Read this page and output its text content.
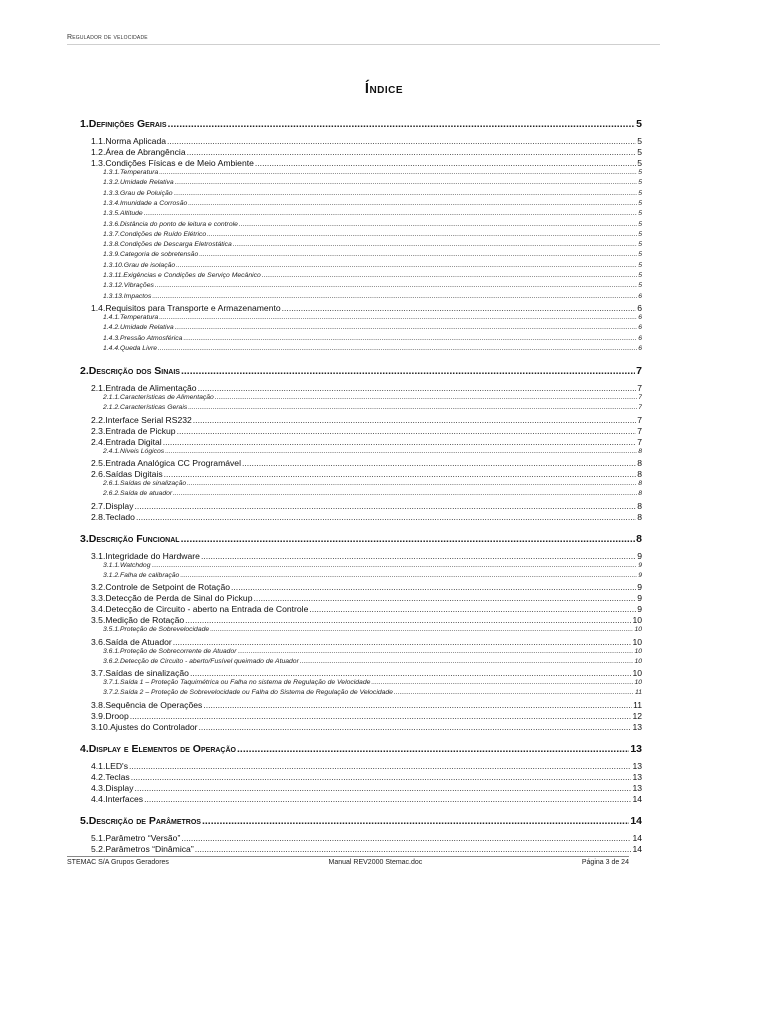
Regulador de velocidade
Índice
1.Definições Gerais .....	5
1.1.Norma Aplicada .....	5
1.2.Área de Abrangência .....	5
1.3.Condições Físicas e de Meio Ambiente .....	5
1.3.1.Temperatura .....	5
1.3.2.Umidade Relativa .....	5
1.3.3.Grau de Poluição .....	5
1.3.4.Imunidade a Corrosão .....	5
1.3.5.Altitude .....	5
1.3.6.Distância do ponto de leitura e controle .....	5
1.3.7.Condições de Ruído Elétrico .....	5
1.3.8.Condições de Descarga Eletrostática .....	5
1.3.9.Categoria de sobretensão .....	5
1.3.10.Grau de isolação .....	5
1.3.11.Exigências e Condições de Serviço Mecânico .....	5
1.3.12.Vibrações .....	5
1.3.13.Impactos .....	6
1.4.Requisitos para Transporte e Armazenamento .....	6
1.4.1.Temperatura .....	6
1.4.2.Umidade Relativa .....	6
1.4.3.Pressão Atmosférica .....	6
1.4.4.Queda Livre .....	6
2.Descrição dos Sinais .....	7
2.1.Entrada de Alimentação .....	7
2.1.1.Características de Alimentação .....	7
2.1.2.Características Gerais .....	7
2.2.Interface Serial RS232 .....	7
2.3.Entrada de Pickup .....	7
2.4.Entrada Digital .....	7
2.4.1.Níveis Lógicos .....	8
2.5.Entrada Analógica CC Programável .....	8
2.6.Saídas Digitais .....	8
2.6.1.Saídas de sinalização .....	8
2.6.2.Saída de atuador .....	8
2.7.Display .....	8
2.8.Teclado .....	8
3.Descrição Funcional .....	8
3.1.Integridade do Hardware .....	9
3.1.1.Watchdog .....	9
3.1.2.Falha de calibração .....	9
3.2.Controle de Setpoint de Rotação .....	9
3.3.Detecção de Perda de Sinal do Pickup .....	9
3.4.Detecção de Circuito - aberto na Entrada de Controle .....	9
3.5.Medição de Rotação .....	10
3.5.1.Proteção de Sobrevelocidade .....	10
3.6.Saída de Atuador .....	10
3.6.1.Proteção de Sobrecorrente de Atuador .....	10
3.6.2.Detecção de Circuito - aberto/Fusível queimado de Atuador .....	10
3.7.Saídas de sinalização .....	10
3.7.1.Saída 1 – Proteção Taquimétrica ou Falha no sistema de Regulação de Velocidade .....	10
3.7.2.Saída 2 – Proteção de Sobrevelocidade ou Falha do Sistema de Regulação de Velocidade .....	11
3.8.Sequência de Operações .....	11
3.9.Droop .....	12
3.10.Ajustes do Controlador .....	13
4.Display e Elementos de Operação .....	13
4.1.LED's .....	13
4.2.Teclas .....	13
4.3.Display .....	13
4.4.Interfaces .....	14
5.Descrição de Parâmetros .....	14
5.1.Parâmetro “Versão” .....	14
5.2.Parâmetros “Dinâmica” .....	14
STEMAC S/A Grupos Geradores	Manual REV2000 Stemac.doc	Página 3 de 24
